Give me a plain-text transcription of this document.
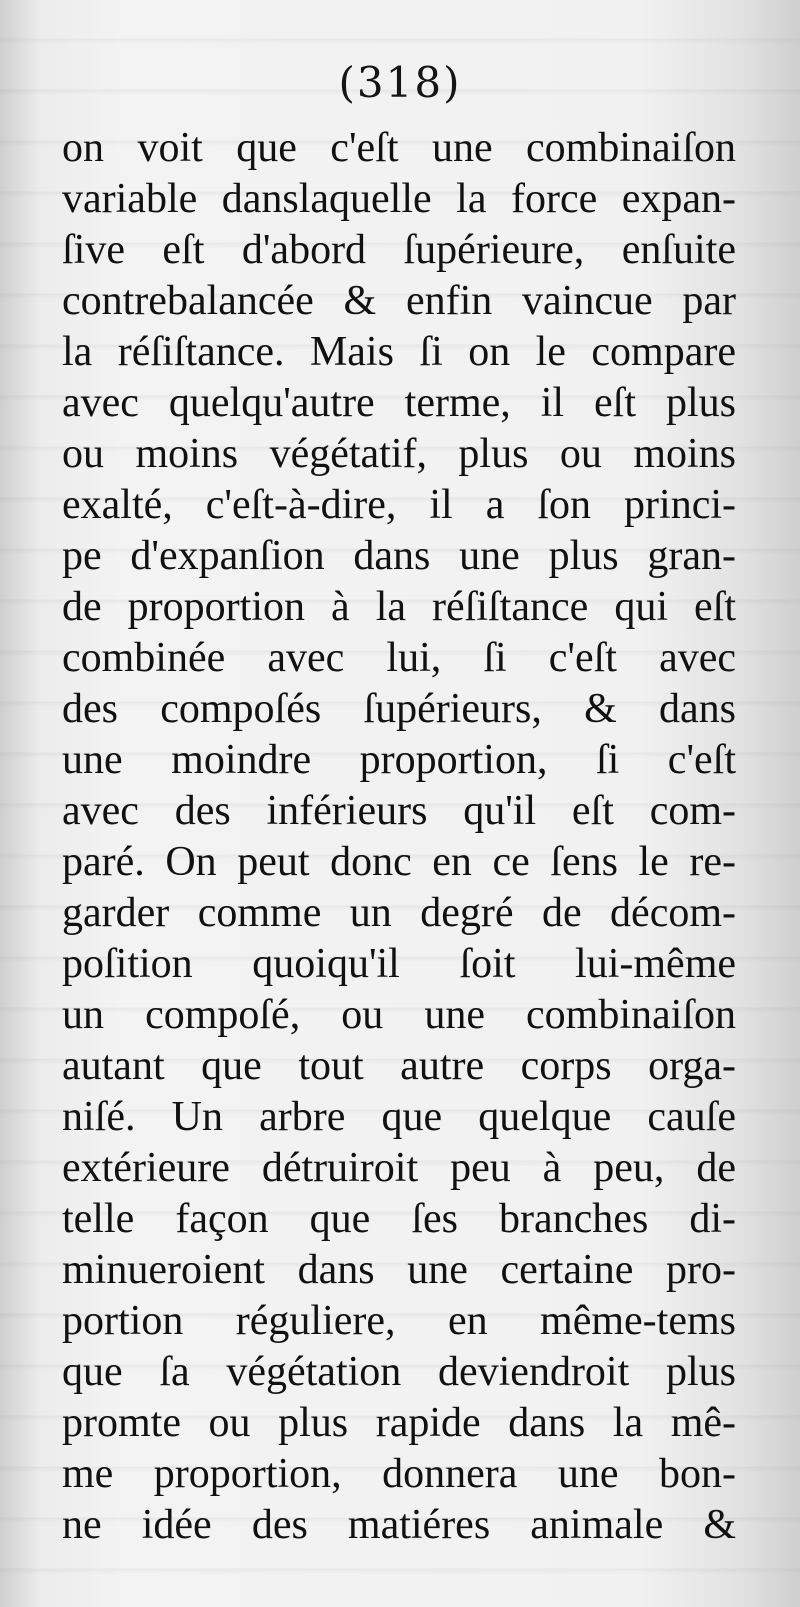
(318)
on voit que c'eſt une combinaiſon
variable danslaquelle la force expan-
ſive eſt d'abord ſupérieure, enſuite
contrebalancée & enfin vaincue par
la réſiſtance. Mais ſi on le compare
avec quelqu'autre terme, il eſt plus
ou moins végétatif, plus ou moins
exalté, c'eſt-à-dire, il a ſon princi-
pe d'expanſion dans une plus gran-
de proportion à la réſiſtance qui eſt
combinée avec lui, ſi c'eſt avec
des compoſés ſupérieurs, & dans
une moindre proportion, ſi c'eſt
avec des inférieurs qu'il eſt com-
paré. On peut donc en ce ſens le re-
garder comme un degré de décom-
poſition quoiqu'il ſoit lui-même
un compoſé, ou une combinaiſon
autant que tout autre corps orga-
niſé. Un arbre que quelque cauſe
extérieure détruiroit peu à peu, de
telle façon que ſes branches di-
minueroient dans une certaine pro-
portion réguliere, en même-tems
que ſa végétation deviendroit plus
promte ou plus rapide dans la mê-
me proportion, donnera une bon-
ne idée des matiéres animale &
